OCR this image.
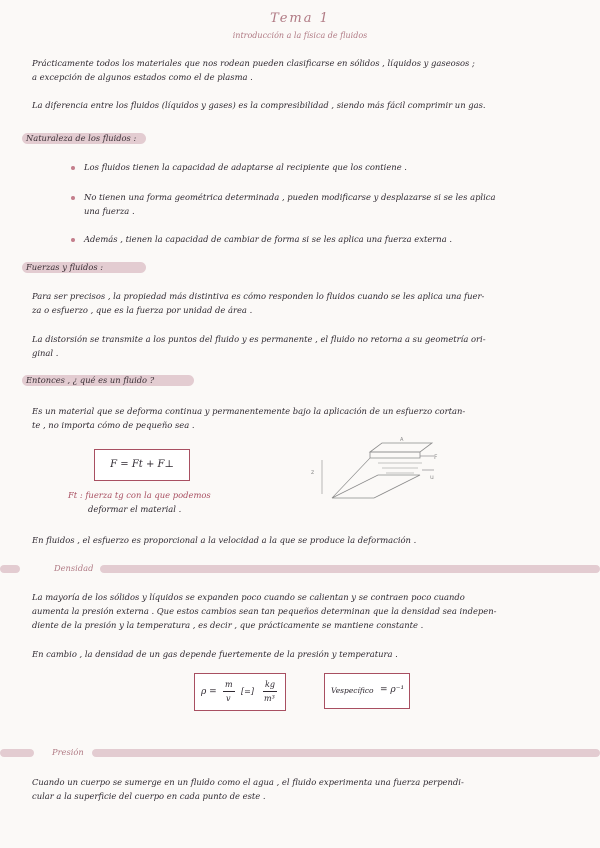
Tema 1
introducción a la física de fluidos
Prácticamente todos los materiales que nos rodean pueden clasificarse en sólidos , líquidos y gaseosos ;
a excepción de algunos estados como el de plasma .
La diferencia entre los fluidos (líquidos y gases) es la compresibilidad , siendo más fácil comprimir un gas.
Naturaleza de los fluidos :
Los fluidos tienen la capacidad de adaptarse al recipiente que los contiene .
No tienen una forma geométrica determinada , pueden modificarse y desplazarse si se les aplica
una fuerza .
Además , tienen la capacidad de cambiar de forma si se les aplica una fuerza externa .
Fuerzas y fluidos :
Para ser precisos , la propiedad más distintiva es cómo responden lo fluidos cuando se les aplica una fuer-
za o esfuerzo , que es la fuerza por unidad de área .
La distorsión se transmite a los puntos del fluido y es permanente , el fluido no retorna a su geometría ori-
ginal .
Entonces , ¿ qué es un fluido ?
Es un material que se deforma continua y permanentemente bajo la aplicación de un esfuerzo cortan-
te , no importa cómo de pequeño sea .
F = Ft + F⊥
Ft : fuerza tg con la que podemos
deformar el material .
A
z
F
u
En fluidos , el esfuerzo es proporcional a la velocidad a la que se produce la deformación .
Densidad
La mayoría de los sólidos y líquidos se expanden poco cuando se calientan y se contraen poco cuando
aumenta la presión externa . Que estos cambios sean tan pequeños determinan que la densidad sea indepen-
diente de la presión y la temperatura , es decir , que prácticamente se mantiene constante .
En cambio , la densidad de un gas depende fuertemente de la presión y temperatura .
ρ =
m
v
[=]
kg
m³
Vespecífico = ρ⁻¹
Presión
Cuando un cuerpo se sumerge en un fluido como el agua , el fluido experimenta una fuerza perpendi-
cular a la superficie del cuerpo en cada punto de este .
